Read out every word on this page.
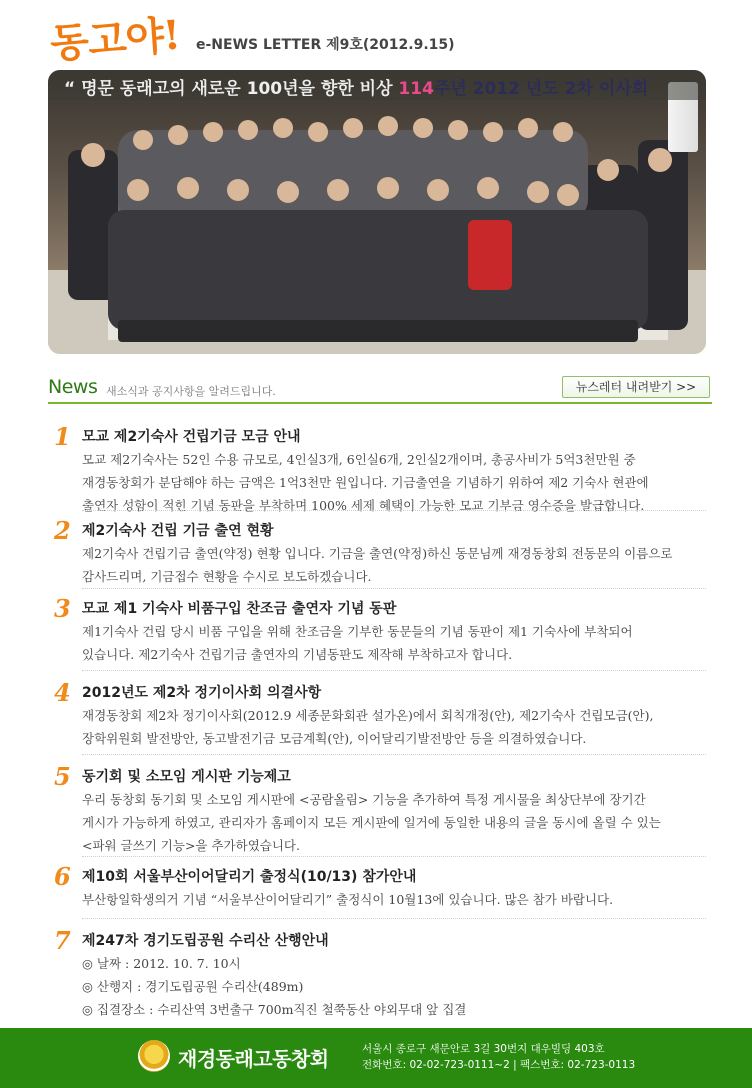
동고야! e-NEWS LETTER 제9호(2012.9.15)
“ 명문 동래고의 새로운 100년을 향한 비상 114주년 2012 년도 2차 이사회
News 새소식과 공지사항을 알려드립니다.	뉴스레터 내려받기 >>
1 모교 제2기숙사 건립기금 모금 안내
모교 제2기숙사는 52인 수용 규모로, 4인실3개, 6인실6개, 2인실2개이며, 총공사비가 5억3천만원 중
재경동창회가 분담해야 하는 금액은 1억3천만 원입니다. 기금출연을 기념하기 위하여 제2 기숙사 현관에
출연자 성함이 적힌 기념 동판을 부착하며 100% 세제 혜택이 가능한 모교 기부금 영수증을 발급합니다.
2 제2기숙사 건립 기금 출연 현황
제2기숙사 건립기금 출연(약정) 현황 입니다. 기금을 출연(약정)하신 동문님께 재경동창회 전동문의 이름으로
감사드리며, 기금접수 현황을 수시로 보도하겠습니다.
3 모교 제1 기숙사 비품구입 찬조금 출연자 기념 동판
제1기숙사 건립 당시 비품 구입을 위해 찬조금을 기부한 동문들의 기념 동판이 제1 기숙사에 부착되어
있습니다. 제2기숙사 건립기금 출연자의 기념동판도 제작해 부착하고자 합니다.
4 2012년도 제2차 정기이사회 의결사항
재경동창회 제2차 정기이사회(2012.9 세종문화회관 설가온)에서 회칙개정(안), 제2기숙사 건립모금(안),
장학위원회 발전방안, 동고발전기금 모금계획(안), 이어달리기발전방안 등을 의결하였습니다.
5 동기회 및 소모임 게시판 기능제고
우리 동창회 동기회 및 소모임 게시판에 <공람올림> 기능을 추가하여 특정 게시물을 최상단부에 장기간
게시가 가능하게 하였고, 관리자가 홈페이지 모든 게시판에 일거에 동일한 내용의 글을 동시에 올릴 수 있는
<파워 글쓰기 기능>을 추가하였습니다.
6 제10회 서울부산이어달리기 출정식(10/13) 참가안내
부산항일학생의거 기념 “서울부산이어달리기” 출정식이 10월13에 있습니다. 많은 참가 바랍니다.
7 제247차 경기도립공원 수리산 산행안내
◎ 날짜 : 2012. 10. 7. 10시
◎ 산행지 : 경기도립공원 수리산(489m)
◎ 집결장소 : 수리산역 3번출구 700m직진 철쭉동산 야외무대 앞 집결
재경동래고동창회	서울시 종로구 새문안로 3길 30번지 대우빌딩 403호
전화번호: 02-02-723-0111~2 | 팩스번호: 02-723-0113
